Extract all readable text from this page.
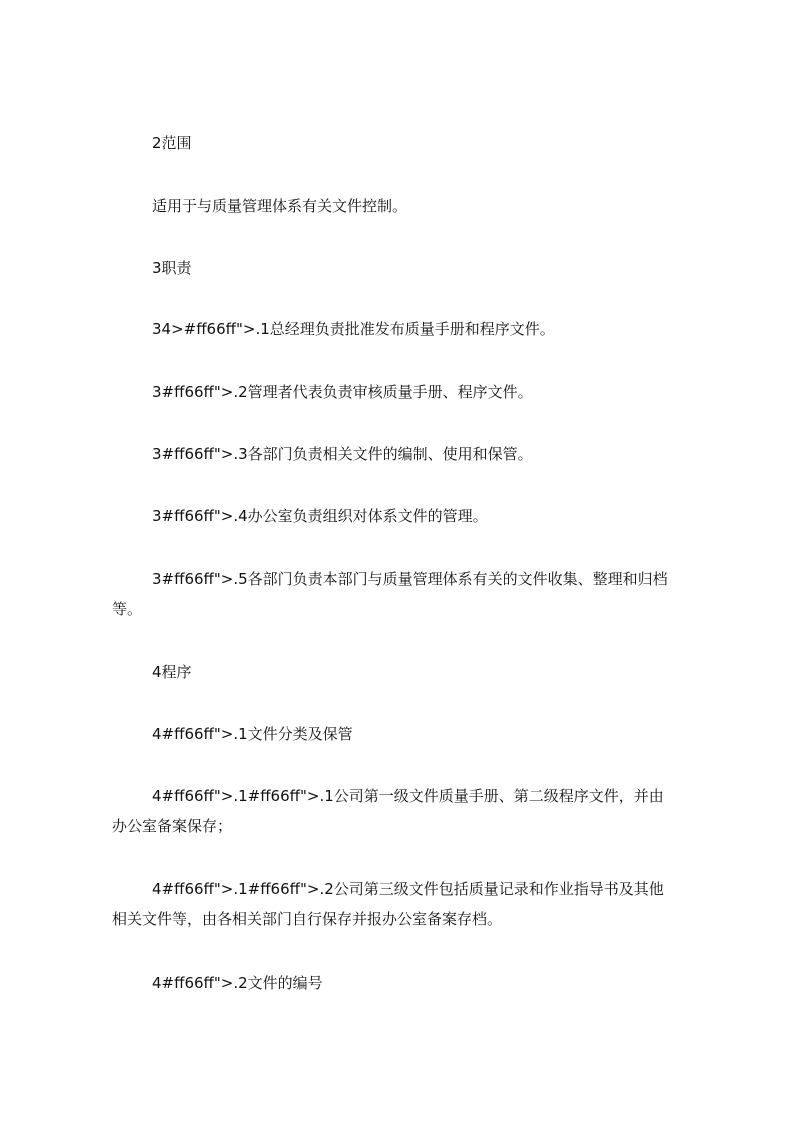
2范围

适用于与质量管理体系有关文件控制。

3职责

34>#ff66ff">.1总经理负责批准发布质量手册和程序文件。

3#ff66ff">.2管理者代表负责审核质量手册、程序文件。

3#ff66ff">.3各部门负责相关文件的编制、使用和保管。

3#ff66ff">.4办公室负责组织对体系文件的管理。

3#ff66ff">.5各部门负责本部门与质量管理体系有关的文件收集、整理和归档等。

4程序

4#ff66ff">.1文件分类及保管

4#ff66ff">.1#ff66ff">.1公司第一级文件质量手册、第二级程序文件，并由办公室备案保存；

4#ff66ff">.1#ff66ff">.2公司第三级文件包括质量记录和作业指导书及其他相关文件等，由各相关部门自行保存并报办公室备案存档。

4#ff66ff">.2文件的编号
